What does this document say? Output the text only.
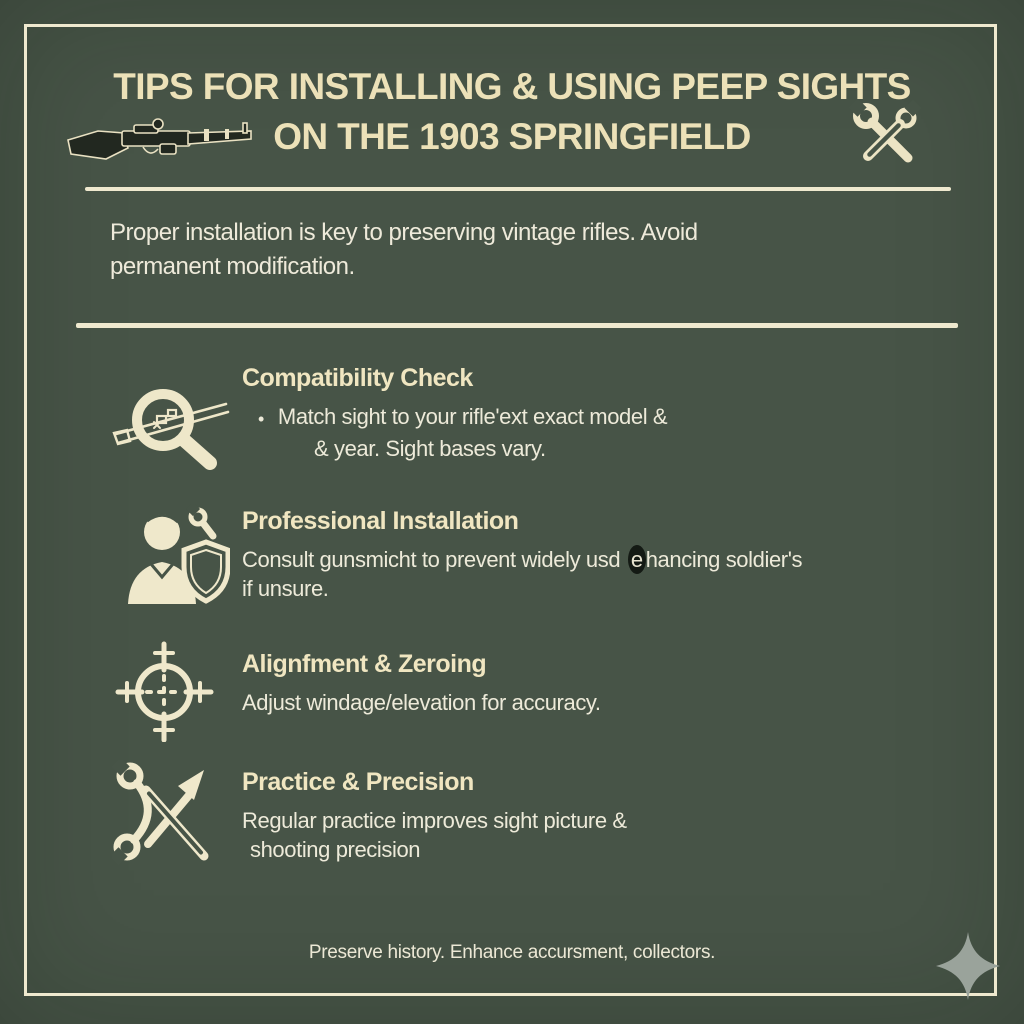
TIPS FOR INSTALLING & USING PEEP SIGHTS
ON THE 1903 SPRINGFIELD
Proper installation is key to preserving vintage rifles. Avoid
permanent modification.
Compatibility Check
• Match sight to your rifle'ext exact model &
& year. Sight bases vary.
Professional Installation
Consult gunsmicht to prevent widely usd e hancing soldier's
if unsure.
Alignfment & Zeroing
Adjust windage/elevation for accuracy.
Practice & Precision
Regular practice improves sight picture &
shooting precision
Preserve history. Enhance accursment, collectors.
